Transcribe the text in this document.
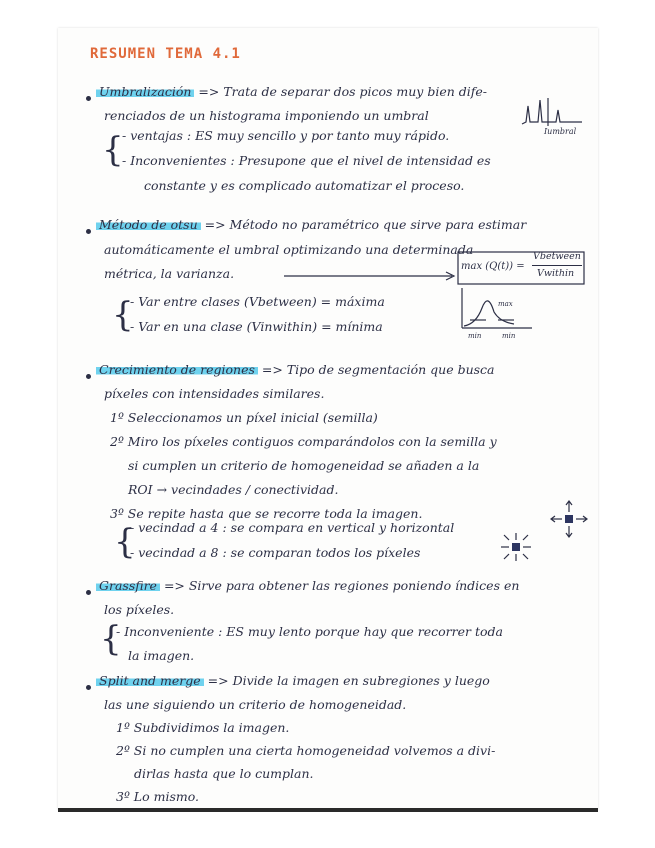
RESUMEN TEMA 4.1
Umbralización => Trata de separar dos picos muy bien dife-
renciados de un histograma imponiendo un umbral
Iumbral
{
- ventajas : ES muy sencillo y por tanto muy rápido.
- Inconvenientes : Presupone que el nivel de intensidad es
constante y es complicado automatizar el proceso.
Método de otsu => Método no paramétrico que sirve para estimar
automáticamente el umbral optimizando una determinada
métrica, la varianza.	max (Q(t)) =
Vbetween
Vwithin
{
- Var entre clases (Vbetween) = máxima
- Var en una clase (Vinwithin) = mínima
max
min	min
Crecimiento de regiones => Tipo de segmentación que busca
píxeles con intensidades similares.
1º Seleccionamos un píxel inicial (semilla)
2º Miro los píxeles contiguos comparándolos con la semilla y
si cumplen un criterio de homogeneidad se añaden a la
ROI → vecindades / conectividad.
3º Se repite hasta que se recorre toda la imagen.
{
- vecindad a 4 : se compara en vertical y horizontal
- vecindad a 8 : se comparan todos los píxeles
Grassfire => Sirve para obtener las regiones poniendo índices en
los píxeles.
{
- Inconveniente : ES muy lento porque hay que recorrer toda
la imagen.
Split and merge => Divide la imagen en subregiones y luego
las une siguiendo un criterio de homogeneidad.
1º Subdividimos la imagen.
2º Si no cumplen una cierta homogeneidad volvemos a divi-
dirlas hasta que lo cumplan.
3º Lo mismo.
